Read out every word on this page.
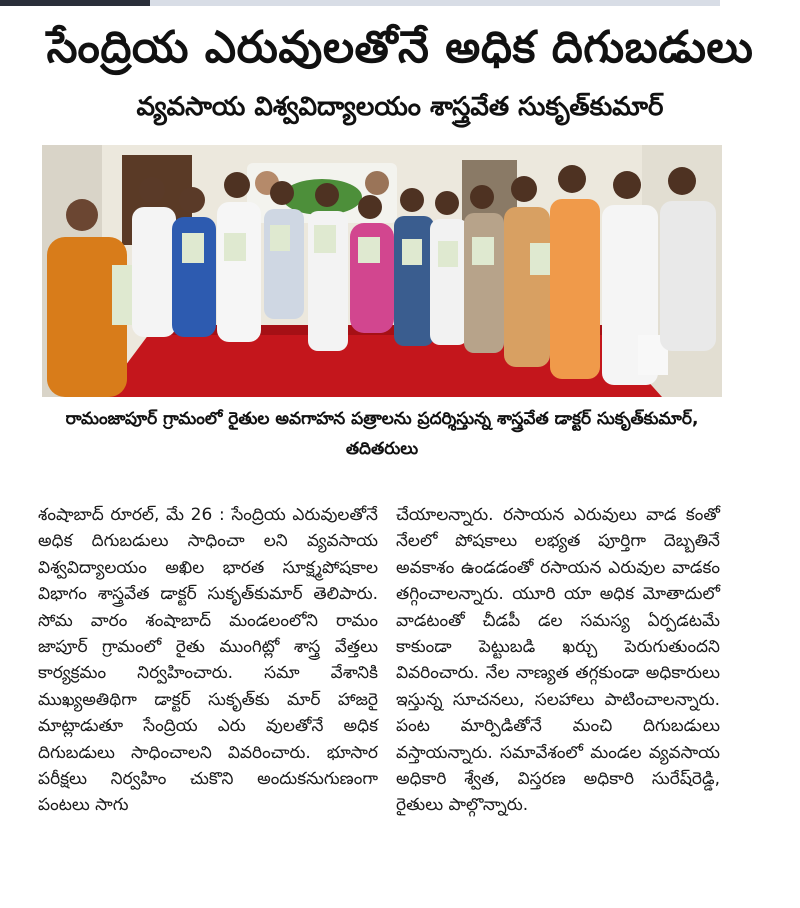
సేంద్రియ ఎరువులతోనే అధిక దిగుబడులు
వ్యవసాయ విశ్వవిద్యాలయం శాస్త్రవేత సుకృత్‌కుమార్
రామంజాపూర్ గ్రామంలో రైతుల అవగాహన పత్రాలను ప్రదర్శిస్తున్న శాస్త్రవేత డాక్టర్ సుకృత్‌కుమార్, తదితరులు

శంషాబాద్ రూరల్, మే 26 : సేంద్రియ ఎరువులతోనే అధిక దిగుబడులు సాధించా లని వ్యవసాయ విశ్వవిద్యాలయం అఖిల భారత సూక్ష్మపోషకాల విభాగం శాస్త్రవేత డాక్టర్ సుకృత్‌కుమార్ తెలిపారు. సోమ వారం శంషాబాద్ మండలంలోని రామం జాపూర్ గ్రామంలో రైతు ముంగిట్లో శాస్త్ర వేత్తలు కార్యక్రమం నిర్వహించారు. సమా వేశానికి ముఖ్యఅతిథిగా డాక్టర్ సుకృత్‌కు మార్ హాజరై మాట్లాడుతూ సేంద్రియ ఎరు వులతోనే అధిక దిగుబడులు సాధించాలని వివరించారు. భూసార పరీక్షలు నిర్వహిం చుకొని అందుకనుగుణంగా పంటలు సాగు

చేయాలన్నారు. రసాయన ఎరువులు వాడ కంతో నేలలో పోషకాలు లభ్యత పూర్తిగా దెబ్బతినే అవకాశం ఉండడంతో రసాయన ఎరువుల వాడకం తగ్గించాలన్నారు. యూరి యా అధిక మోతాదులో వాడటంతో చీడపీ డల సమస్య ఏర్పడటమే కాకుండా పెట్టుబడి ఖర్చు పెరుగుతుందని వివరించారు. నేల నాణ్యత తగ్గకుండా అధికారులు ఇస్తున్న సూచనలు, సలహాలు పాటించాలన్నారు. పంట మార్పిడితోనే మంచి దిగుబడులు వస్తాయన్నారు. సమావేశంలో మండల వ్యవసాయ అధికారి శ్వేత, విస్తరణ అధికారి సురేష్‌రెడ్డి, రైతులు పాల్గొన్నారు.
